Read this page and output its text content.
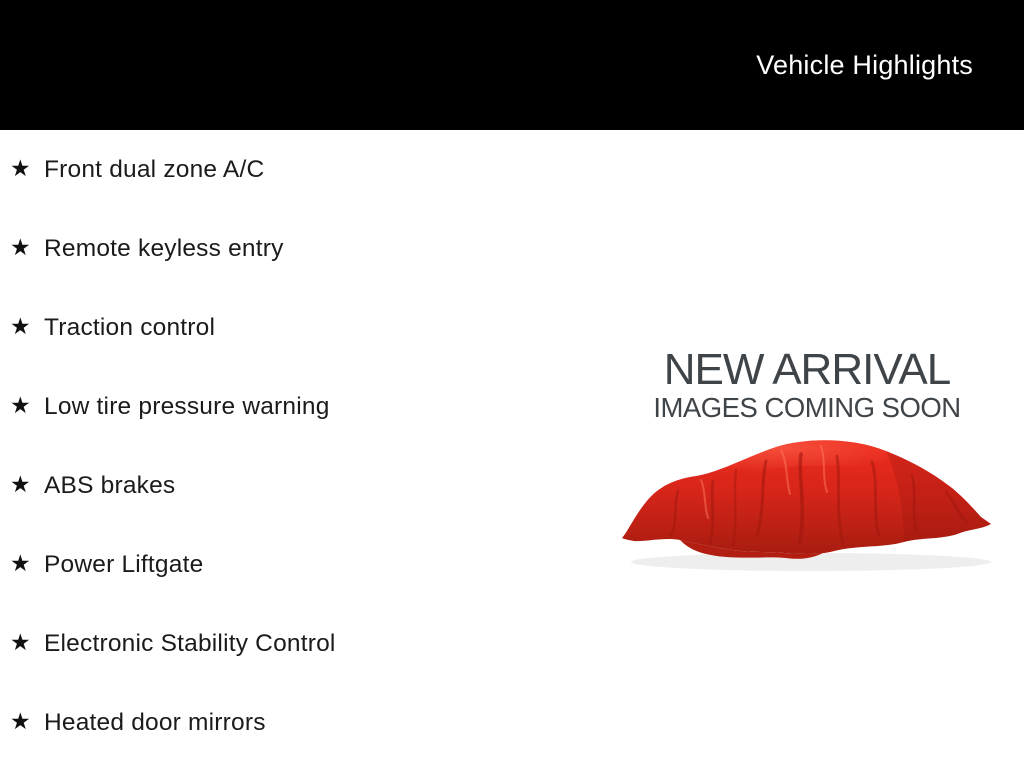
Vehicle Highlights
★ Front dual zone A/C
★ Remote keyless entry
★ Traction control
★ Low tire pressure warning
★ ABS brakes
★ Power Liftgate
★ Electronic Stability Control
★ Heated door mirrors
NEW ARRIVAL
IMAGES COMING SOON
